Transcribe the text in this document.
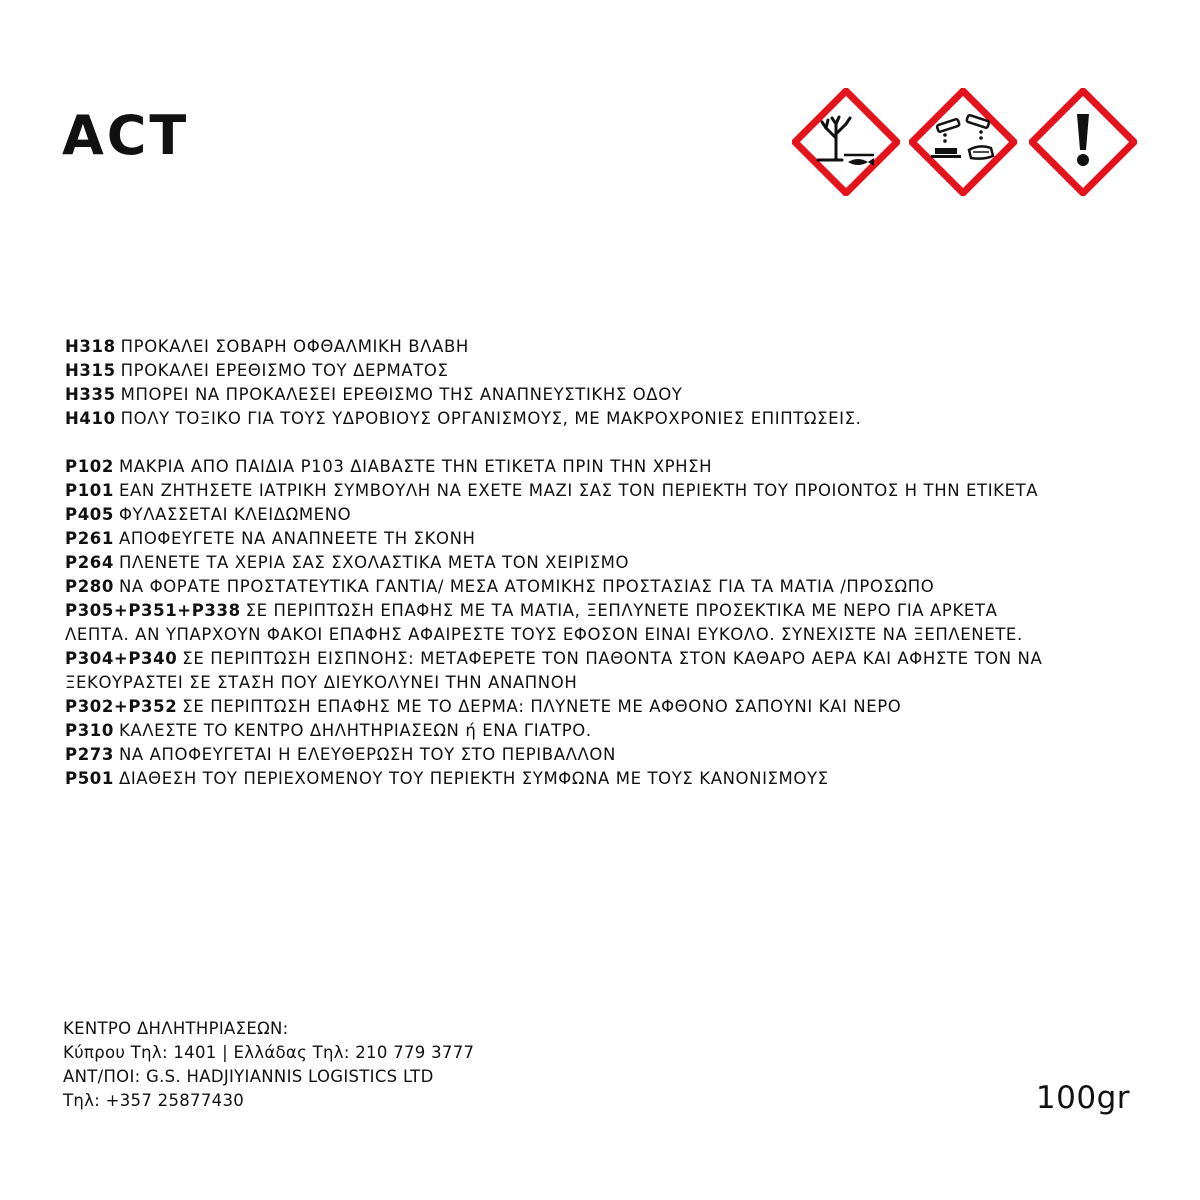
ACT
H318 ΠΡΟΚΑΛΕΙ ΣΟΒΑΡΗ ΟΦΘΑΛΜΙΚΗ ΒΛΑΒΗ
H315 ΠΡΟΚΑΛΕΙ ΕΡΕΘΙΣΜΟ ΤΟΥ ΔΕΡΜΑΤΟΣ
H335 ΜΠΟΡΕΙ ΝΑ ΠΡΟΚΑΛΕΣΕΙ ΕΡΕΘΙΣΜΟ ΤΗΣ ΑΝΑΠΝΕΥΣΤΙΚΗΣ ΟΔΟΥ
H410 ΠΟΛΥ ΤΟΞΙΚΟ ΓΙΑ ΤΟΥΣ ΥΔΡΟΒΙΟΥΣ ΟΡΓΑΝΙΣΜΟΥΣ, ΜΕ ΜΑΚΡΟΧΡΟΝΙΕΣ ΕΠΙΠΤΩΣΕΙΣ.
P102 ΜΑΚΡΙΑ ΑΠΟ ΠΑΙΔΙΑ Ρ103 ΔΙΑΒΑΣΤΕ ΤΗΝ ΕΤΙΚΕΤΑ ΠΡΙΝ ΤΗΝ ΧΡΗΣΗ
P101 ΕΑΝ ΖΗΤΗΣΕΤΕ ΙΑΤΡΙΚΗ ΣΥΜΒΟΥΛΗ ΝΑ ΕΧΕΤΕ ΜΑΖΙ ΣΑΣ ΤΟΝ ΠΕΡΙΕΚΤΗ ΤΟΥ ΠΡΟΙΟΝΤΟΣ Η ΤΗΝ ΕΤΙΚΕΤΑ
P405 ΦΥΛΑΣΣΕΤΑΙ ΚΛΕΙΔΩΜΕΝΟ
P261 ΑΠΟΦΕΥΓΕΤΕ ΝΑ ΑΝΑΠΝΕΕΤΕ ΤΗ ΣΚΟΝΗ
P264 ΠΛΕΝΕΤΕ ΤΑ ΧΕΡΙΑ ΣΑΣ ΣΧΟΛΑΣΤΙΚΑ ΜΕΤΑ ΤΟΝ ΧΕΙΡΙΣΜΟ
P280 ΝΑ ΦΟΡΑΤΕ ΠΡΟΣΤΑΤΕΥΤΙΚΑ ΓΑΝΤΙΑ/ ΜΕΣΑ ΑΤΟΜΙΚΗΣ ΠΡΟΣΤΑΣΙΑΣ ΓΙΑ ΤΑ ΜΑΤΙΑ /ΠΡΟΣΩΠΟ
P305+P351+P338 ΣΕ ΠΕΡΙΠΤΩΣΗ ΕΠΑΦΗΣ ΜΕ ΤΑ ΜΑΤΙΑ, ΞΕΠΛΥΝΕΤΕ ΠΡΟΣΕΚΤΙΚΑ ΜΕ ΝΕΡΟ ΓΙΑ ΑΡΚΕΤΑ
ΛΕΠΤΑ. ΑΝ ΥΠΑΡΧΟΥΝ ΦΑΚΟΙ ΕΠΑΦΗΣ ΑΦΑΙΡΕΣΤΕ ΤΟΥΣ ΕΦΟΣΟΝ ΕΙΝΑΙ ΕΥΚΟΛΟ. ΣΥΝΕΧΙΣΤΕ ΝΑ ΞΕΠΛΕΝΕΤΕ.
P304+P340 ΣΕ ΠΕΡΙΠΤΩΣΗ ΕΙΣΠΝΟΗΣ: ΜΕΤΑΦΕΡΕΤΕ ΤΟΝ ΠΑΘΟΝΤΑ ΣΤΟΝ ΚΑΘΑΡΟ ΑΕΡΑ ΚΑΙ ΑΦΗΣΤΕ ΤΟΝ ΝΑ
ΞΕΚΟΥΡΑΣΤΕΙ ΣΕ ΣΤΑΣΗ ΠΟΥ ΔΙΕΥΚΟΛΥΝΕΙ ΤΗΝ ΑΝΑΠΝΟΗ
P302+P352 ΣΕ ΠΕΡΙΠΤΩΣΗ ΕΠΑΦΗΣ ΜΕ ΤΟ ΔΕΡΜΑ: ΠΛΥΝΕΤΕ ΜΕ ΑΦΘΟΝΟ ΣΑΠΟΥΝΙ ΚΑΙ ΝΕΡΟ
P310 ΚΑΛΕΣΤΕ ΤΟ ΚΕΝΤΡΟ ΔΗΛΗΤΗΡΙΑΣΕΩΝ ή ΕΝΑ ΓΙΑΤΡΟ.
P273 ΝΑ ΑΠΟΦΕΥΓΕΤΑΙ Η ΕΛΕΥΘΕΡΩΣΗ ΤΟΥ ΣΤΟ ΠΕΡΙΒΑΛΛΟΝ
P501 ΔΙΑΘΕΣΗ ΤΟΥ ΠΕΡΙΕΧΟΜΕΝΟΥ ΤΟΥ ΠΕΡΙΕΚΤΗ ΣΥΜΦΩΝΑ ΜΕ ΤΟΥΣ ΚΑΝΟΝΙΣΜΟΥΣ
ΚΕΝΤΡΟ ΔΗΛΗΤΗΡΙΑΣΕΩΝ:
Κύπρου Τηλ: 1401 | Ελλάδας Τηλ: 210 779 3777
ΑΝΤ/ΠΟΙ: G.S. HADJIYIANNIS LOGISTICS LTD
Τηλ: +357 25877430	100gr
